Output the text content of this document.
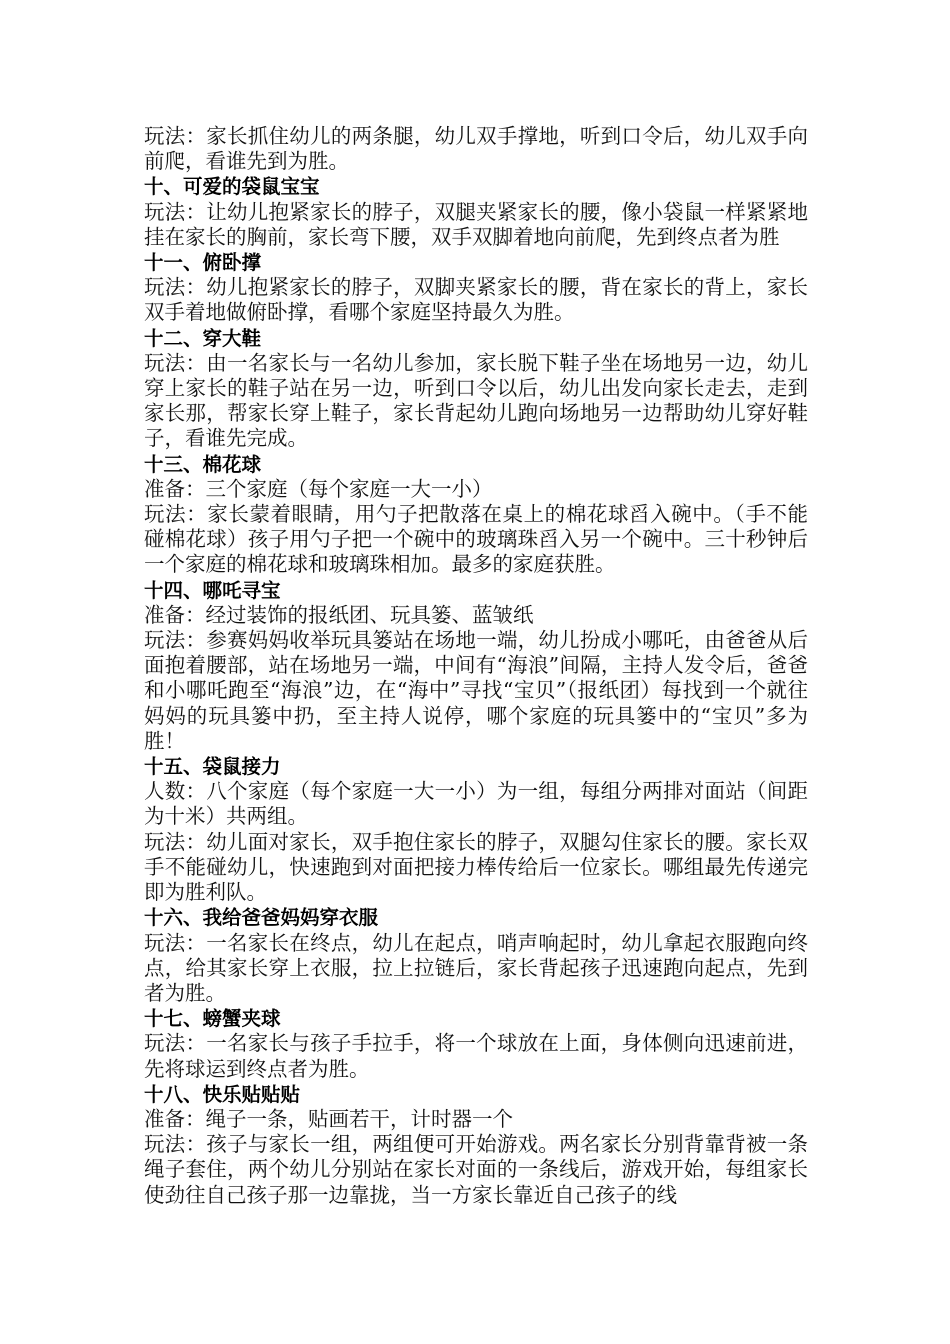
玩法：家长抓住幼儿的两条腿，幼儿双手撑地，听到口令后，幼儿双手向前爬，看谁先到为胜。

十、可爱的袋鼠宝宝

玩法：让幼儿抱紧家长的脖子，双腿夹紧家长的腰，像小袋鼠一样紧紧地挂在家长的胸前，家长弯下腰，双手双脚着地向前爬，先到终点者为胜

十一、俯卧撑

玩法：幼儿抱紧家长的脖子，双脚夹紧家长的腰，背在家长的背上，家长双手着地做俯卧撑，看哪个家庭坚持最久为胜。

十二、穿大鞋

玩法：由一名家长与一名幼儿参加，家长脱下鞋子坐在场地另一边，幼儿穿上家长的鞋子站在另一边，听到口令以后，幼儿出发向家长走去，走到家长那，帮家长穿上鞋子，家长背起幼儿跑向场地另一边帮助幼儿穿好鞋子，看谁先完成。

十三、棉花球

准备：三个家庭（每个家庭一大一小）

玩法：家长蒙着眼睛，用勺子把散落在桌上的棉花球舀入碗中。（手不能碰棉花球）孩子用勺子把一个碗中的玻璃珠舀入另一个碗中。三十秒钟后一个家庭的棉花球和玻璃珠相加。最多的家庭获胜。

十四、哪吒寻宝

准备：经过装饰的报纸团、玩具篓、蓝皱纸

玩法：参赛妈妈收举玩具篓站在场地一端，幼儿扮成小哪吒，由爸爸从后面抱着腰部，站在场地另一端，中间有“海浪”间隔，主持人发令后，爸爸和小哪吒跑至“海浪”边，在“海中”寻找“宝贝”（报纸团）每找到一个就往妈妈的玩具篓中扔，至主持人说停，哪个家庭的玩具篓中的“宝贝”多为胜！

十五、袋鼠接力

人数：八个家庭（每个家庭一大一小）为一组，每组分两排对面站（间距为十米）共两组。

玩法：幼儿面对家长，双手抱住家长的脖子，双腿勾住家长的腰。家长双手不能碰幼儿，快速跑到对面把接力棒传给后一位家长。哪组最先传递完即为胜利队。

十六、我给爸爸妈妈穿衣服

玩法：一名家长在终点，幼儿在起点，哨声响起时，幼儿拿起衣服跑向终点，给其家长穿上衣服，拉上拉链后，家长背起孩子迅速跑向起点，先到者为胜。

十七、螃蟹夹球

玩法：一名家长与孩子手拉手，将一个球放在上面，身体侧向迅速前进，先将球运到终点者为胜。

十八、快乐贴贴贴

准备：绳子一条，贴画若干，计时器一个

玩法：孩子与家长一组，两组便可开始游戏。两名家长分别背靠背被一条绳子套住，两个幼儿分别站在家长对面的一条线后，游戏开始，每组家长使劲往自己孩子那一边靠拢，当一方家长靠近自己孩子的线
